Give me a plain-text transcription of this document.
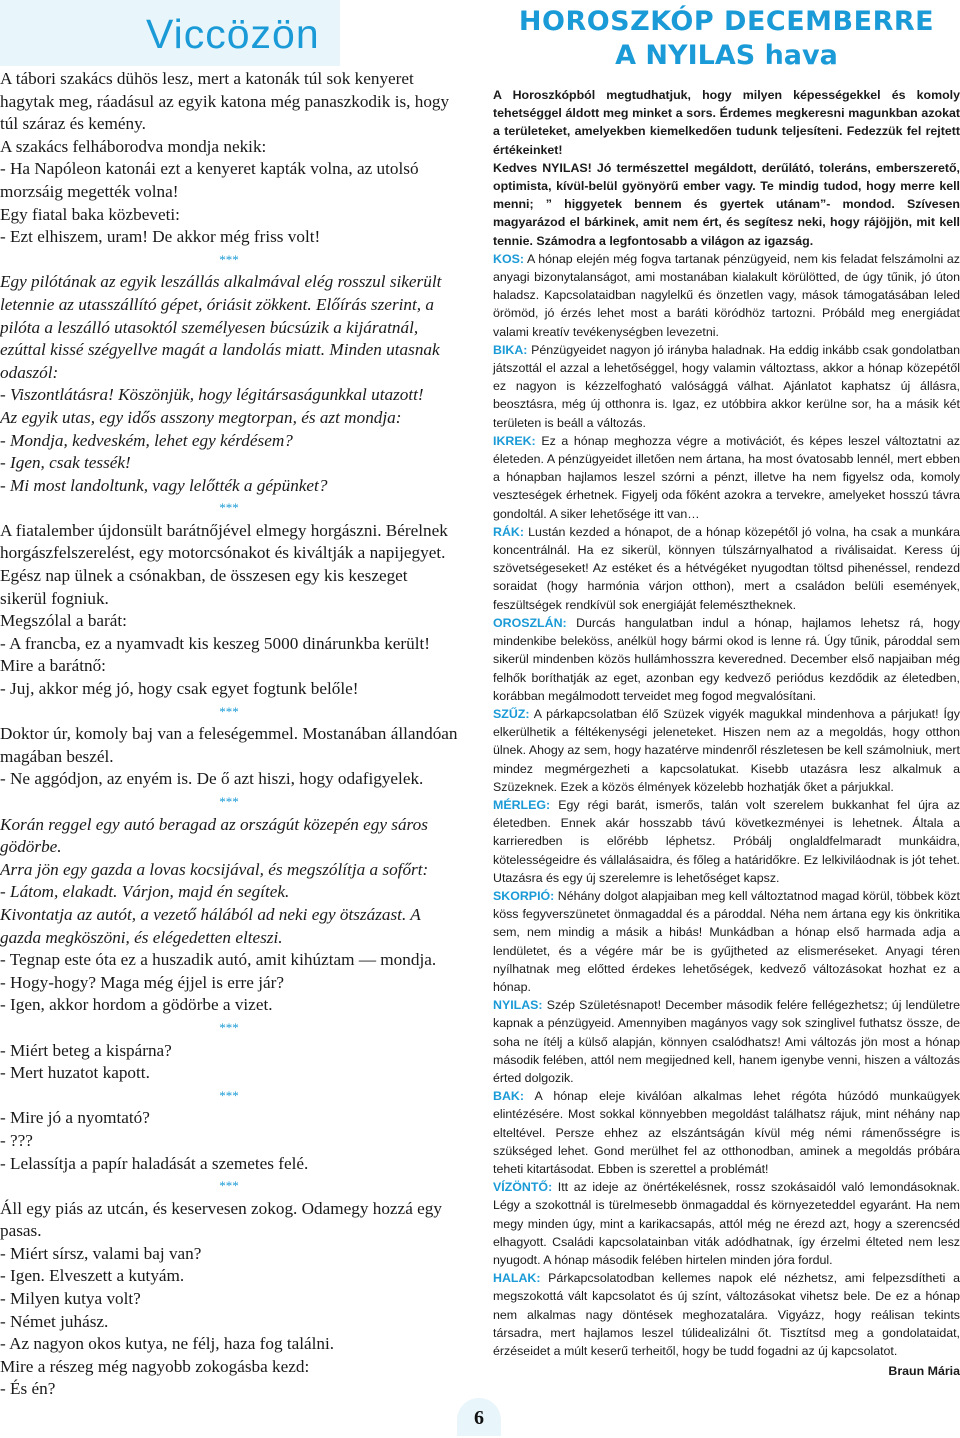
Viccözön

A tábori szakács dühös lesz, mert a katonák túl sok kenyeret hagytak meg, ráadásul az egyik katona még panaszkodik is, hogy túl száraz és kemény.

A szakács felháborodva mondja nekik:

- Ha Napóleon katonái ezt a kenyeret kapták volna, az utolsó morzsáig megették volna!

Egy fiatal baka közbeveti:

- Ezt elhiszem, uram! De akkor még friss volt!

***

Egy pilótának az egyik leszállás alkalmával elég rosszul sikerült letennie az utasszállító gépet, óriásit zökkent. Előírás szerint, a pilóta a leszálló utasoktól személyesen búcsúzik a kijáratnál, ezúttal kissé szégyellve magát a landolás miatt. Minden utasnak odaszól:

- Viszontlátásra! Köszönjük, hogy légitársaságunkkal utazott!

Az egyik utas, egy idős asszony megtorpan, és azt mondja:

- Mondja, kedveském, lehet egy kérdésem?

- Igen, csak tessék!

- Mi most landoltunk, vagy lelőtték a gépünket?

***

A fiatalember újdonsült barátnőjével elmegy horgászni. Bérelnek horgászfelszerelést, egy motorcsónakot és kiváltják a napijegyet. Egész nap ülnek a csónakban, de összesen egy kis keszeget sikerül fogniuk.

Megszólal a barát:

- A francba, ez a nyamvadt kis keszeg 5000 dinárunkba került!

Mire a barátnő:

- Juj, akkor még jó, hogy csak egyet fogtunk belőle!

***

Doktor úr, komoly baj van a feleségemmel. Mostanában állandóan magában beszél.

- Ne aggódjon, az enyém is. De ő azt hiszi, hogy odafigyelek.

***

Korán reggel egy autó beragad az országút közepén egy sáros gödörbe.

Arra jön egy gazda a lovas kocsijával, és megszólítja a sofőrt:

- Látom, elakadt. Várjon, majd én segítek.

Kivontatja az autót, a vezető hálából ad neki egy ötszázast. A gazda megköszöni, és elégedetten elteszi.

- Tegnap este óta ez a huszadik autó, amit kihúztam — mondja.

- Hogy-hogy? Maga még éjjel is erre jár?

- Igen, akkor hordom a gödörbe a vizet.

***

- Miért beteg a kispárna?

- Mert huzatot kapott.

***

- Mire jó a nyomtató?

- ???

- Lelassítja a papír haladását a szemetes felé.

***

Áll egy piás az utcán, és keservesen zokog. Odamegy hozzá egy pasas.

- Miért sírsz, valami baj van?

- Igen. Elveszett a kutyám.

- Milyen kutya volt?

- Német juhász.

- Az nagyon okos kutya, ne félj, haza fog találni.

Mire a részeg még nagyobb zokogásba kezd:

- És én?

HOROSZKÓP DECEMBERRE
A NYILAS hava

A Horoszkópból megtudhatjuk, hogy milyen képességekkel és komoly tehetséggel áldott meg minket a sors. Érdemes megkeresni magunkban azokat a területeket, amelyekben kiemelkedően tudunk teljesíteni. Fedezzük fel rejtett értékeinket!

Kedves NYILAS! Jó természettel megáldott, derűlátó, toleráns, emberszerető, optimista, kívül-belül gyönyörű ember vagy. Te mindig tudod, hogy merre kell menni; ” higgyetek bennem és gyertek utánam”- mondod. Szívesen magyarázod el bárkinek, amit nem ért, és segítesz neki, hogy rájöjjön, mit kell tennie. Számodra a legfontosabb a világon az igazság.

KOS: A hónap elején még fogva tartanak pénzügyeid, nem kis feladat felszámolni az anyagi bizonytalanságot, ami mostanában kialakult körülötted, de úgy tűnik, jó úton haladsz. Kapcsolataidban nagylelkű és önzetlen vagy, mások támogatásában leled örömöd, jó érzés lehet most a baráti köródhöz tartozni. Próbáld meg energiádat valami kreatív tevékenységben levezetni.

BIKA: Pénzügyeidet nagyon jó irányba haladnak. Ha eddig inkább csak gondolatban játszottál el azzal a lehetőséggel, hogy valamin változtass, akkor a hónap közepétől ez nagyon is kézzelfogható valósággá válhat. Ajánlatot kaphatsz új állásra, beosztásra, még új otthonra is. Igaz, ez utóbbira akkor kerülne sor, ha a másik két területen is beáll a változás.

IKREK: Ez a hónap meghozza végre a motivációt, és képes leszel változtatni az életeden. A pénzügyeidet illetően nem ártana, ha most óvatosabb lennél, mert ebben a hónapban hajlamos leszel szórni a pénzt, illetve ha nem figyelsz oda, komoly veszteségek érhetnek. Figyelj oda főként azokra a tervekre, amelyeket hosszú távra gondoltál. A siker lehetősége itt van…

RÁK: Lustán kezded a hónapot, de a hónap közepétől jó volna, ha csak a munkára koncentrálnál. Ha ez sikerül, könnyen túlszárnyalhatod a riválisaidat. Keress új szövetségeseket! Az estéket és a hétvégéket nyugodtan töltsd pihenéssel, rendezd soraidat (hogy harmónia várjon otthon), mert a családon belüli események, feszültségek rendkívül sok energiáját felemésztheknek.

OROSZLÁN: Durcás hangulatban indul a hónap, hajlamos lehetsz rá, hogy mindenkibe beleköss, anélkül hogy bármi okod is lenne rá. Úgy tűnik, pároddal sem sikerül mindenben közös hullámhosszra keveredned. December első napjaiban még felhők boríthatják az eget, azonban egy kedvező periódus kezdődik az életedben, korábban megálmodott terveidet meg fogod megvalósítani.

SZŰZ: A párkapcsolatban élő Szüzek vigyék magukkal mindenhova a párjukat! Így elkerülhetik a féltékenységi jeleneteket. Hiszen nem az a megoldás, hogy otthon ülnek. Ahogy az sem, hogy hazatérve mindenről részletesen be kell számolniuk, mert mindez megmérgezheti a kapcsolatukat. Kisebb utazásra lesz alkalmuk a Szüzeknek. Ezek a közös élmények közelebb hozhatják őket a párjukkal.

MÉRLEG: Egy régi barát, ismerős, talán volt szerelem bukkanhat fel újra az életedben. Ennek akár hosszabb távú következményei is lehetnek. Általa a karrieredben is előrébb léphetsz. Próbálj onglaldfelmaradt munkáidra, kötelességeidre és vállalásaidra, és főleg a határidőkre. Ez lelkiviláodnak is jót tehet. Utazásra és egy új szerelemre is lehetőséget kapsz.

SKORPIÓ: Néhány dolgot alapjaiban meg kell változtatnod magad körül, többek közt köss fegyverszünetet önmagaddal és a pároddal. Néha nem ártana egy kis önkritika sem, nem mindig a másik a hibás! Munkádban a hónap első harmada adja a lendületet, és a végére már be is gyűjtheted az elismeréseket. Anyagi téren nyílhatnak meg előtted érdekes lehetőségek, kedvező változásokat hozhat ez a hónap.

NYILAS: Szép Születésnapot! December második felére fellégezhetsz; új lendületre kapnak a pénzügyeid. Amennyiben magányos vagy sok szinglivel futhatsz össze, de soha ne ítélj a külső alapján, könnyen csalódhatsz! Ami változás jön most a hónap második felében, attól nem megijedned kell, hanem igenybe venni, hiszen a változás érted dolgozik.

BAK: A hónap eleje kiválóan alkalmas lehet régóta húzódó munkaügyek elintézésére. Most sokkal könnyebben megoldást találhatsz rájuk, mint néhány nap elteltével. Persze ehhez az elszántságán kívül még némi rámenősségre is szükséged lehet. Gond merülhet fel az otthonodban, aminek a megoldás próbára teheti kitartásodat. Ebben is szerettel a problémát!

VÍZÖNTŐ: Itt az ideje az önértékelésnek, rossz szokásaidól való lemondásoknak. Légy a szokottnál is türelmesebb önmagaddal és környezeteddel egyaránt. Ha nem megy minden úgy, mint a karikacsapás, attól még ne érezd azt, hogy a szerencséd elhagyott. Családi kapcsolatainban viták adódhatnak, így érzelmi élteted nem lesz nyugodt. A hónap második felében hirtelen minden jóra fordul.

HALAK: Párkapcsolatodban kellemes napok elé nézhetsz, ami felpezsdítheti a megszokottá vált kapcsolatot és új színt, változásokat vihetsz bele. De ez a hónap nem alkalmas nagy döntések meghozatalára. Vigyázz, hogy reálisan tekints társadra, mert hajlamos leszel túlidealizálni őt. Tisztítsd meg a gondolataidat, érzéseidet a múlt keserű terheitől, hogy be tudd fogadni az új kapcsolatot.

Braun Mária

6
